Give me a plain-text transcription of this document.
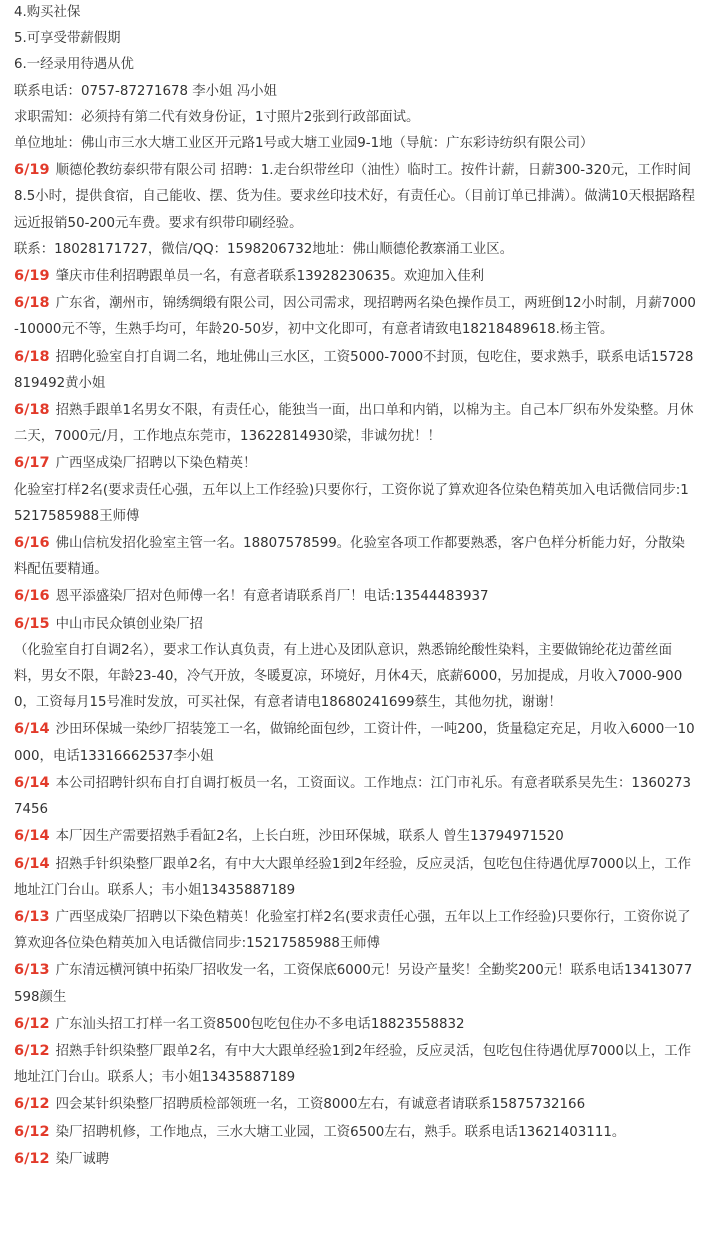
4.购买社保

5.可享受带薪假期

6.一经录用待遇从优

联系电话：0757-87271678 李小姐 冯小姐

求职需知：必须持有第二代有效身份证，1寸照片2张到行政部面试。

单位地址：佛山市三水大塘工业区开元路1号或大塘工业园9-1地（导航：广东彩诗纺织有限公司）

6/19 顺德伦教纺泰织带有限公司 招聘：1.走台织带丝印（油性）临时工。按件计薪，日薪300-320元，工作时间8.5小时，提供食宿，自己能收、摆、货为佳。要求丝印技术好，有责任心。（目前订单已排满）。做满10天根据路程远近报销50-200元车费。要求有织带印刷经验。

联系：18028171727，微信/QQ：1598206732地址：佛山顺德伦教寨涌工业区。

6/19 肇庆市佳利招聘跟单员一名，有意者联系13928230635。欢迎加入佳利

6/18 广东省，潮州市，锦绣绸缎有限公司，因公司需求，现招聘两名染色操作员工，两班倒12小时制，月薪7000-10000元不等，生熟手均可，年龄20-50岁，初中文化即可，有意者请致电18218489618.杨主管。

6/18 招聘化验室自打自调二名，地址佛山三水区，工资5000-7000不封顶，包吃住，要求熟手，联系电话15728819492黄小姐

6/18 招熟手跟单1名男女不限，有责任心，能独当一面，出口单和内销，以棉为主。自己本厂织布外发染整。月休二天，7000元/月，工作地点东莞市，13622814930梁，非诚勿扰！！

6/17 广西坚成染厂招聘以下染色精英！

化验室打样2名(要求责任心强，五年以上工作经验)只要你行，工资你说了算欢迎各位染色精英加入电话微信同步:15217585988王师傅

6/16 佛山信杭发招化验室主管一名。18807578599。化验室各项工作都要熟悉，客户色样分析能力好，分散染料配伍要精通。

6/16 恩平添盛染厂招对色师傅一名！有意者请联系肖厂！电话:13544483937

6/15 中山市民众镇创业染厂招

（化验室自打自调2名），要求工作认真负责，有上进心及团队意识，熟悉锦纶酸性染料，主要做锦纶花边蕾丝面料，男女不限，年龄23-40，冷气开放，冬暖夏凉，环境好，月休4天，底薪6000，另加提成，月收入7000-9000，工资每月15号准时发放，可买社保，有意者请电18680241699蔡生，其他勿扰，谢谢！

6/14 沙田环保城一染纱厂招装笼工一名，做锦纶面包纱，工资计件，一吨200，货量稳定充足，月收入6000一10000，电话13316662537李小姐

6/14 本公司招聘针织布自打自调打板员一名，工资面议。工作地点：江门市礼乐。有意者联系吴先生：13602737456

6/14 本厂因生产需要招熟手看缸2名，上长白班，沙田环保城，联系人 曾生13794971520

6/14 招熟手针织染整厂跟单2名，有中大大跟单经验1到2年经验，反应灵活，包吃包住待遇优厚7000以上，工作地址江门台山。联系人；韦小姐13435887189

6/13 广西坚成染厂招聘以下染色精英！化验室打样2名(要求责任心强，五年以上工作经验)只要你行，工资你说了算欢迎各位染色精英加入电话微信同步:15217585988王师傅

6/13 广东清远横河镇中拓染厂招收发一名，工资保底6000元！另设产量奖！全勤奖200元！联系电话13413077598颜生

6/12 广东汕头招工打样一名工资8500包吃包住办不多电话18823558832

6/12 招熟手针织染整厂跟单2名，有中大大跟单经验1到2年经验，反应灵活，包吃包住待遇优厚7000以上，工作地址江门台山。联系人；韦小姐13435887189

6/12 四会某针织染整厂招聘质检部领班一名，工资8000左右，有诚意者请联系15875732166

6/12 染厂招聘机修，工作地点，三水大塘工业园，工资6500左右，熟手。联系电话13621403111。

6/12 染厂诚聘
